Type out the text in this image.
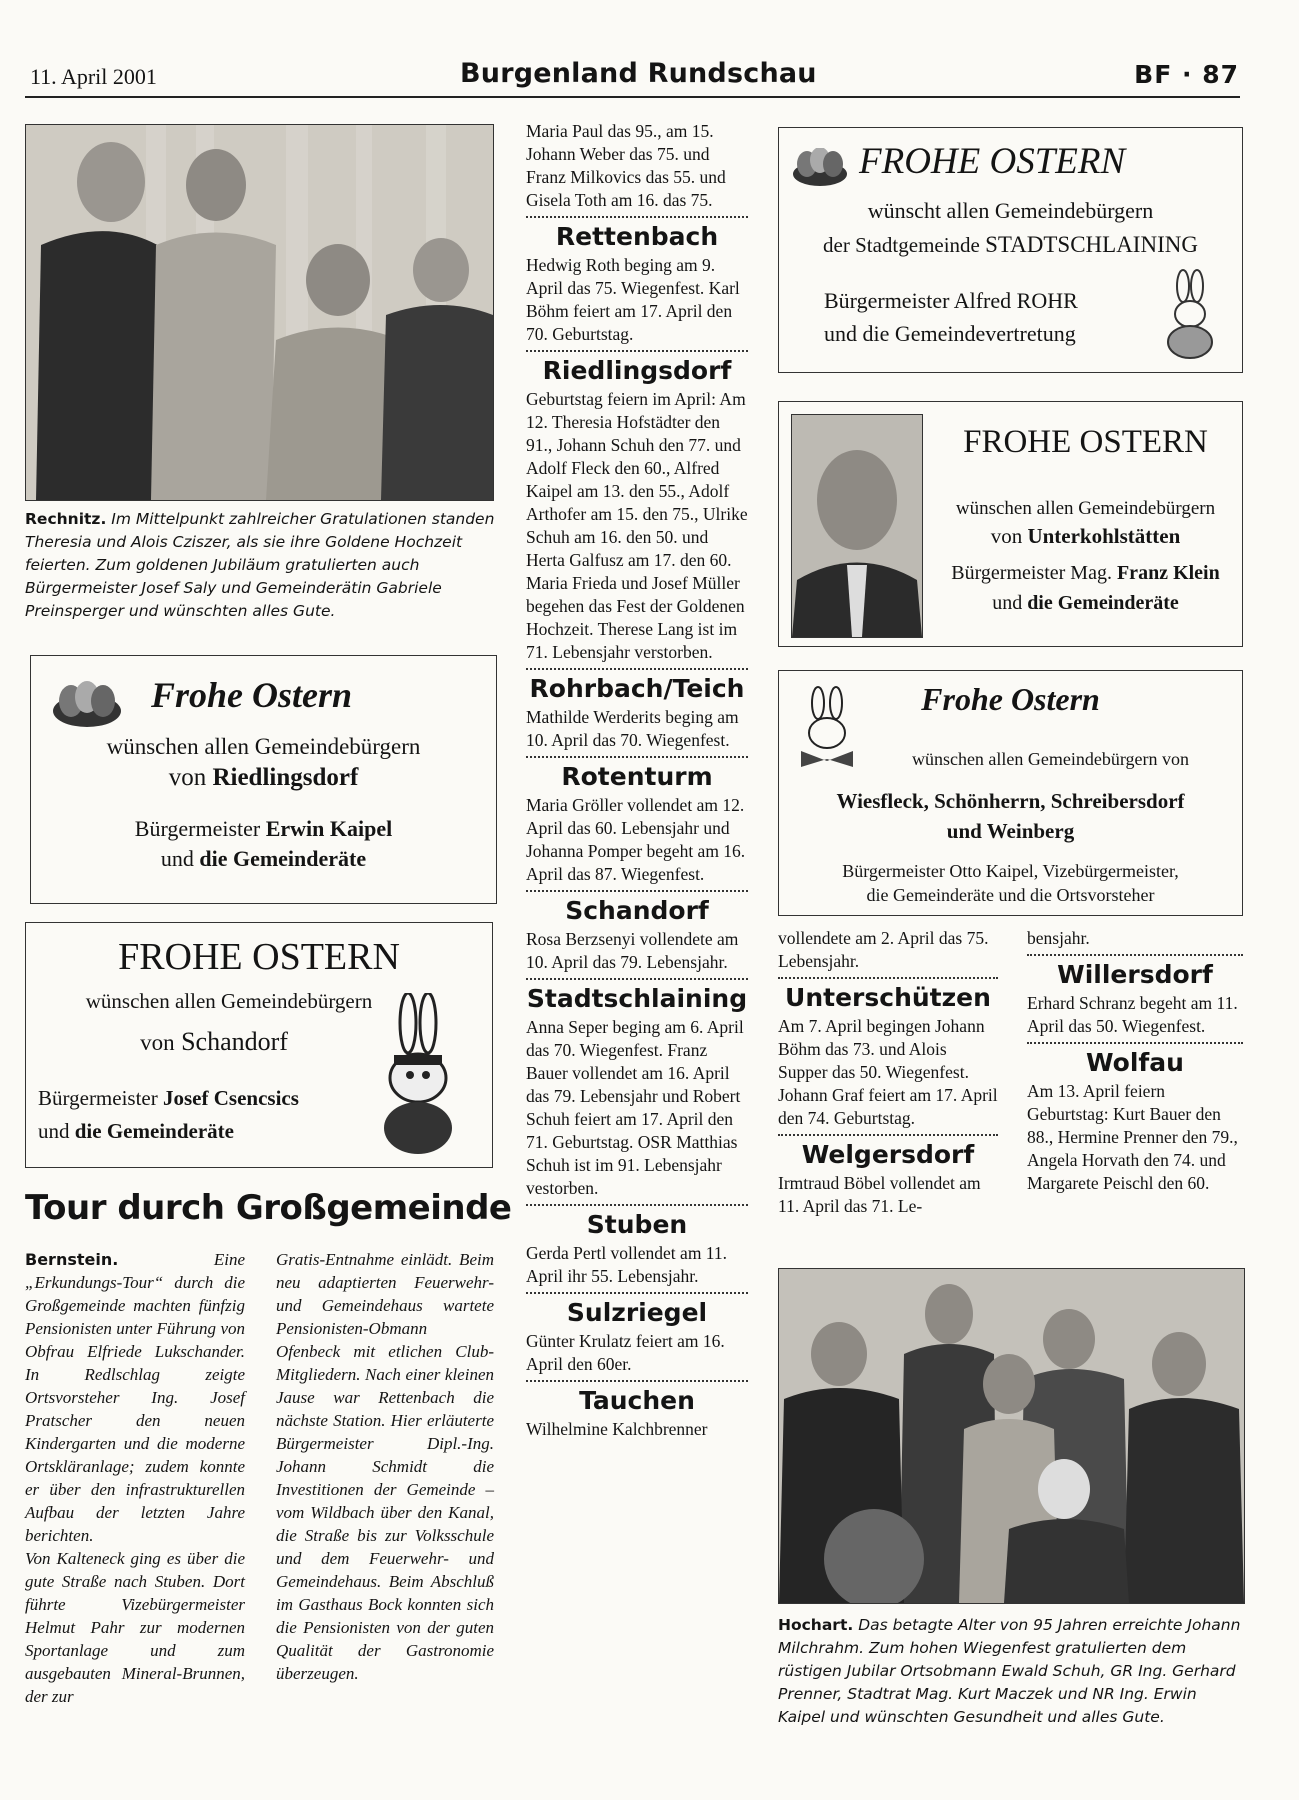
11. April 2001	Burgenland Rundschau	BF · 87
Rechnitz. Im Mittelpunkt zahlreicher Gratulationen standen Theresia und Alois Cziszer, als sie ihre Goldene Hochzeit feierten. Zum goldenen Jubiläum gratulierten auch Bürgermeister Josef Saly und Gemeinderätin Gabriele Preinsperger und wünschten alles Gute.
Frohe Ostern
wünschen allen Gemeindebürgern
von Riedlingsdorf
Bürgermeister Erwin Kaipel
und die Gemeinderäte
FROHE OSTERN
wünschen allen Gemeindebürgern
von Schandorf
Bürgermeister Josef Csencsics
und die Gemeinderäte
Tour durch Großgemeinde
Bernstein.	Eine „Erkundungs-Tour“ durch die Großgemeinde machten fünfzig Pensionisten unter Führung von Obfrau Elfriede Lukschander. In Redlschlag zeigte Ortsvorsteher Ing. Josef Pratscher den neuen Kindergarten und die moderne Ortskläranlage; zudem konnte er über den infrastrukturellen Aufbau der letzten Jahre berichten.
Von Kalteneck ging es über die gute Straße nach Stuben. Dort führte Vizebürgermeister Helmut Pahr zur modernen Sportanlage und zum ausgebauten Mineral-Brunnen, der zur
Gratis-Entnahme einlädt. Beim neu adaptierten Feuerwehr- und Gemeindehaus wartete Pensionisten-Obmann Ofenbeck mit etlichen Club-Mitgliedern. Nach einer kleinen Jause war Rettenbach die nächste Station. Hier erläuterte Bürgermeister Dipl.-Ing. Johann Schmidt die Investitionen der Gemeinde – vom Wildbach über den Kanal, die Straße bis zur Volksschule und dem Feuerwehr- und Gemeindehaus. Beim Abschluß im Gasthaus Bock konnten sich die Pensionisten von der guten Qualität der Gastronomie überzeugen.

Maria Paul das 95., am 15. Johann Weber das 75. und Franz Milkovics das 55. und Gisela Toth am 16. das 75.

Rettenbach

Hedwig Roth beging am 9. April das 75. Wiegenfest. Karl Böhm feiert am 17. April den 70. Geburtstag.

Riedlingsdorf

Geburtstag feiern im April: Am 12. Theresia Hofstädter den 91., Johann Schuh den 77. und Adolf Fleck den 60., Alfred Kaipel am 13. den 55., Adolf Arthofer am 15. den 75., Ulrike Schuh am 16. den 50. und Herta Galfusz am 17. den 60. Maria Frieda und Josef Müller begehen das Fest der Goldenen Hochzeit. Therese Lang ist im 71. Lebensjahr verstorben.

Rohrbach/Teich

Mathilde Werderits beging am 10. April das 70. Wiegenfest.

Rotenturm

Maria Gröller vollendet am 12. April das 60. Lebensjahr und Johanna Pomper begeht am 16. April das 87. Wiegenfest.

Schandorf

Rosa Berzsenyi vollendete am 10. April das 79. Lebensjahr.

Stadtschlaining

Anna Seper beging am 6. April das 70. Wiegenfest. Franz Bauer vollendet am 16. April das 79. Lebensjahr und Robert Schuh feiert am 17. April den 71. Geburtstag. OSR Matthias Schuh ist im 91. Lebensjahr vestorben.

Stuben

Gerda Pertl vollendet am 11. April ihr 55. Lebensjahr.

Sulzriegel

Günter Krulatz feiert am 16. April den 60er.

Tauchen

Wilhelmine Kalchbrenner

FROHE OSTERN
wünscht allen Gemeindebürgern
der Stadtgemeinde STADTSCHLAINING
Bürgermeister Alfred ROHR
und die Gemeindevertretung
FROHE OSTERN
wünschen allen Gemeindebürgern
von Unterkohlstätten
Bürgermeister Mag. Franz Klein
und die Gemeinderäte
Frohe Ostern
wünschen allen Gemeindebürgern von
Wiesfleck, Schönherrn, Schreibersdorf
und Weinberg
Bürgermeister Otto Kaipel, Vizebürgermeister,
die Gemeinderäte und die Ortsvorsteher

vollendete am 2. April das 75. Lebensjahr.

Unterschützen

Am 7. April begingen Johann Böhm das 73. und Alois Supper das 50. Wiegenfest. Johann Graf feiert am 17. April den 74. Geburtstag.

Welgersdorf

Irmtraud Böbel vollendet am 11. April das 71. Le-

bensjahr.

Willersdorf

Erhard Schranz begeht am 11. April das 50. Wiegenfest.

Wolfau

Am 13. April feiern Geburtstag: Kurt Bauer den 88., Hermine Prenner den 79., Angela Horvath den 74. und Margarete Peischl den 60.

Hochart. Das betagte Alter von 95 Jahren erreichte Johann Milchrahm. Zum hohen Wiegenfest gratulierten dem rüstigen Jubilar Ortsobmann Ewald Schuh, GR Ing. Gerhard Prenner, Stadtrat Mag. Kurt Maczek und NR Ing. Erwin Kaipel und wünschten Gesundheit und alles Gute.
